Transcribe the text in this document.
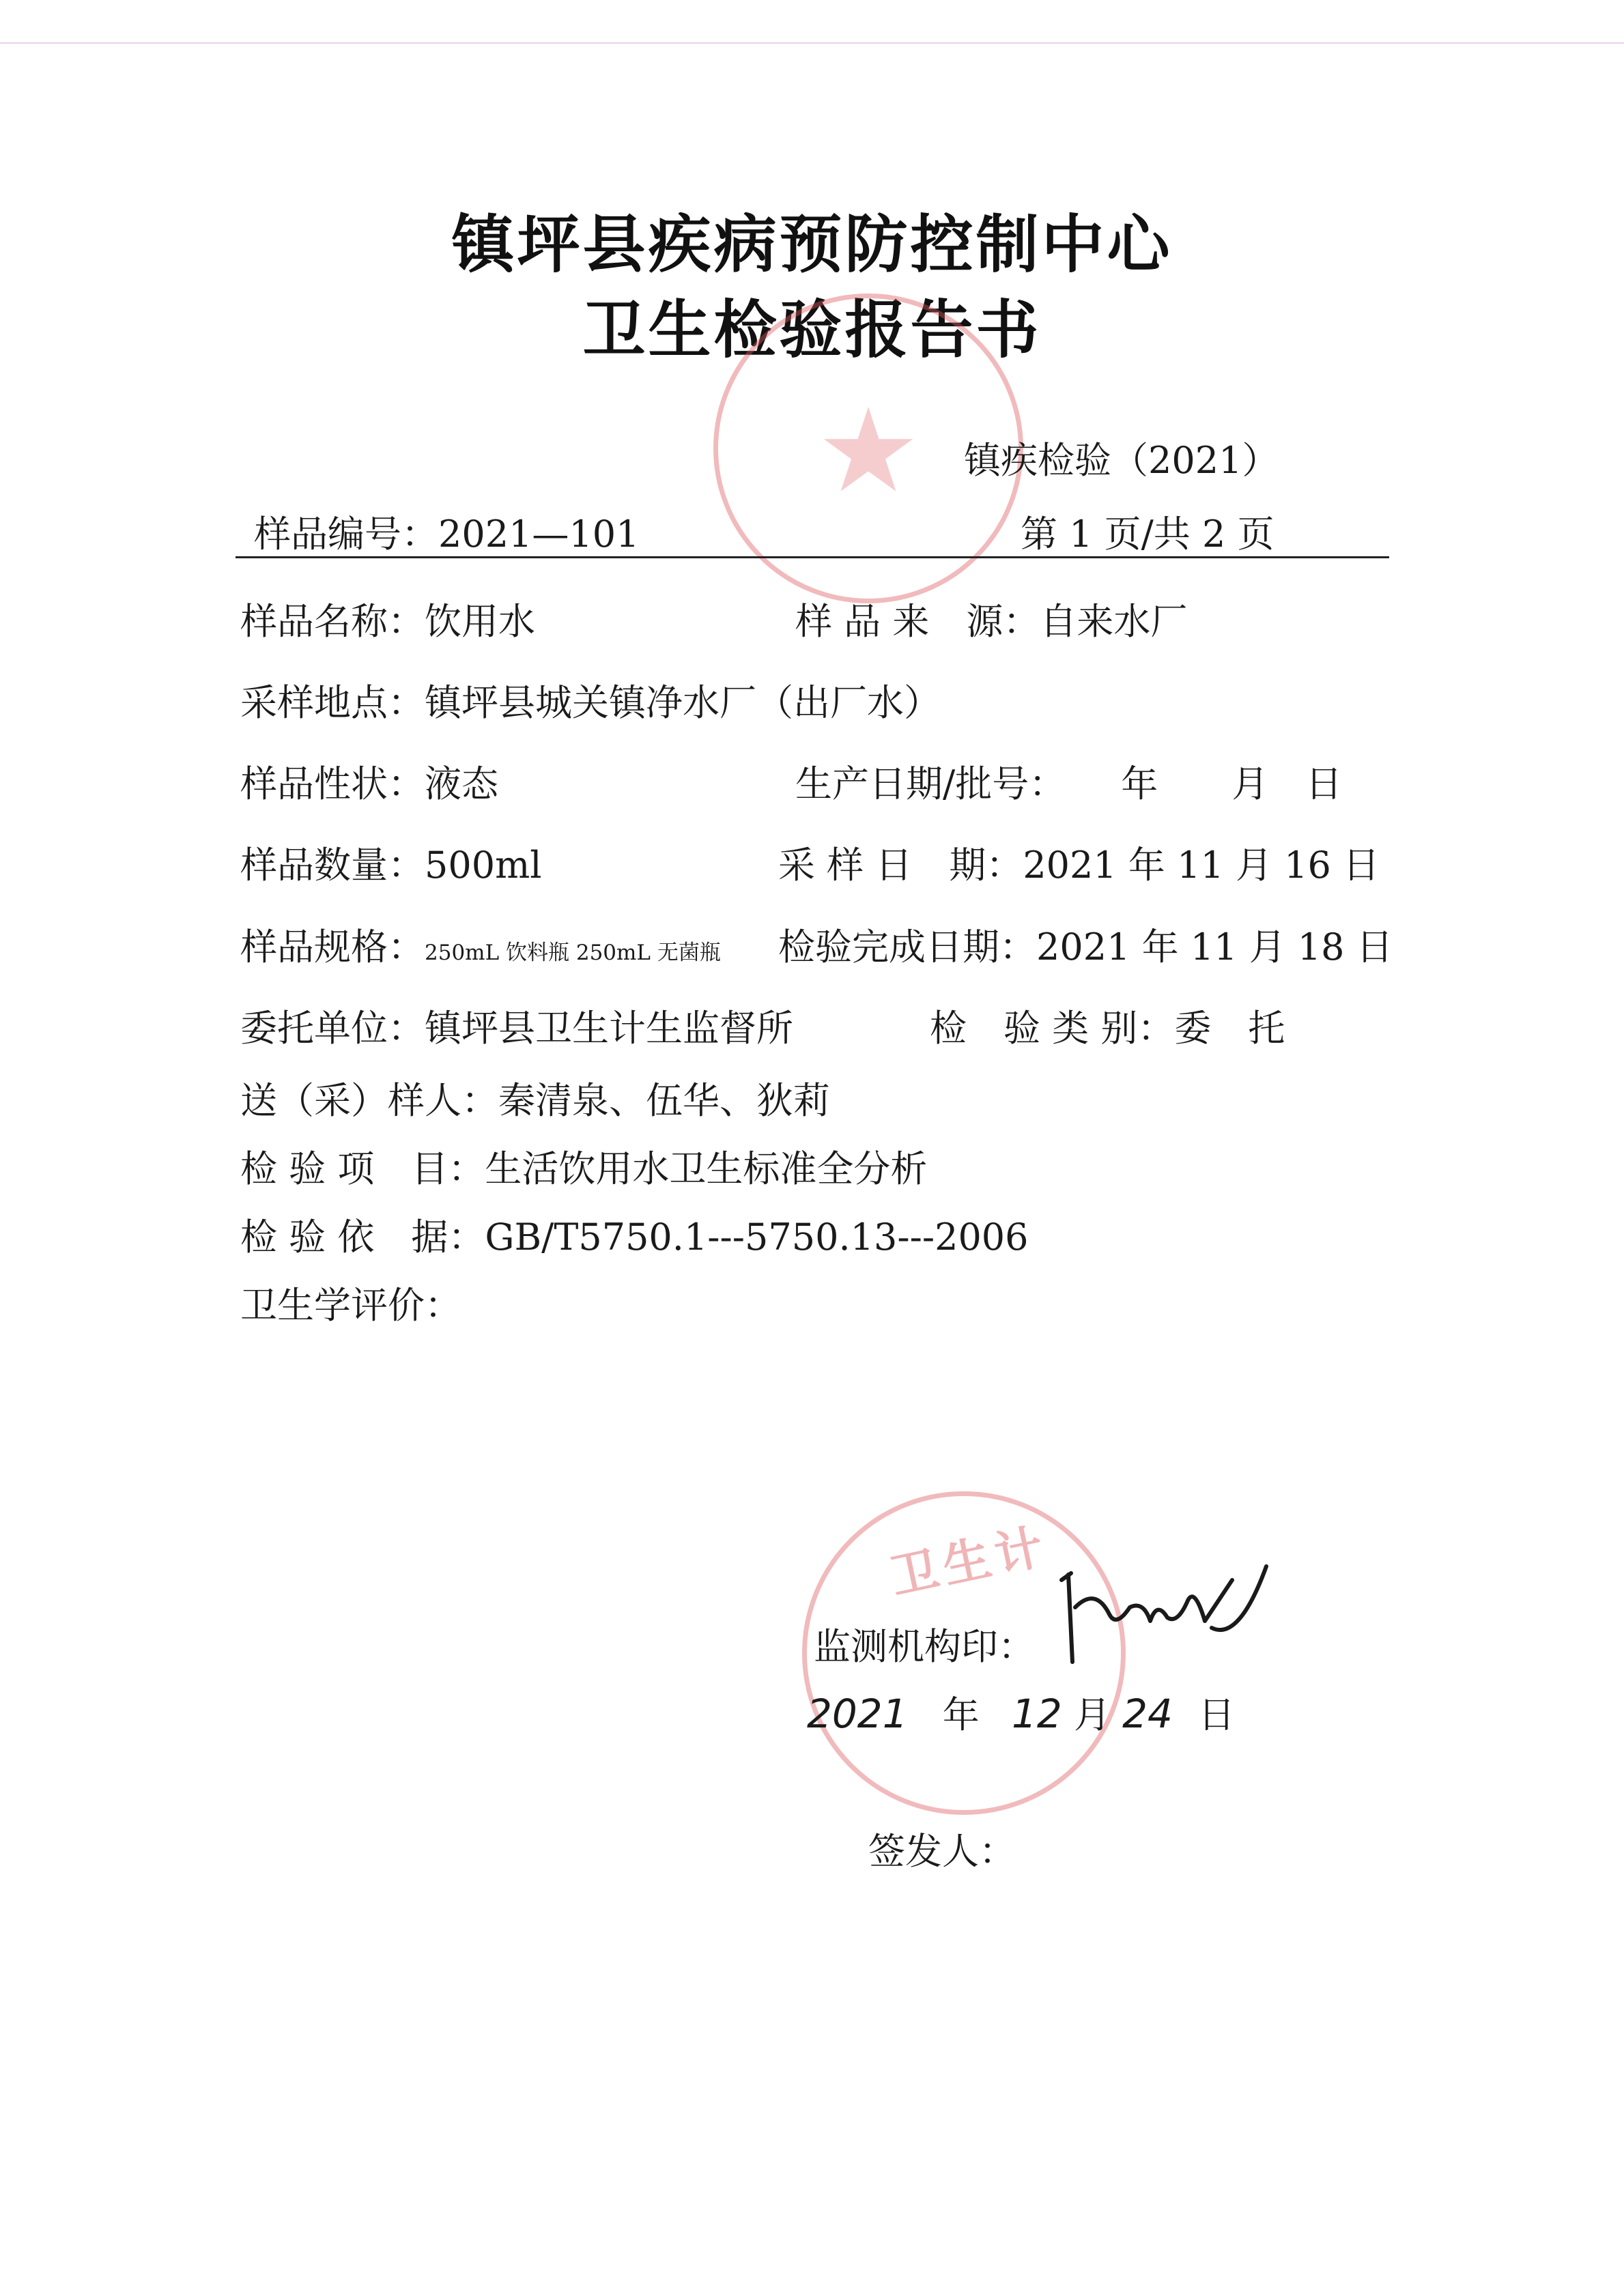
镇坪县疾病预防控制中心
卫生检验报告书
★	镇疾检验（2021）
样品编号：2021—101	第 1 页/共 2 页
样品名称：饮用水	样 品 来　源：自来水厂
采样地点：镇坪县城关镇净水厂（出厂水）
样品性状：液态	生产日期/批号：　　年　　月　日
样品数量：500ml	采 样 日　期：2021 年 11 月 16 日
样品规格：250mL 饮料瓶 250mL 无菌瓶 检验完成日期：2021 年 11 月 18 日
委托单位：镇坪县卫生计生监督所	检　验 类 别：委　托
送（采）样人：秦清泉、伍华、狄莉
检 验 项　目：生活饮用水卫生标准全分析
检 验 依　据：GB/T5750.1---5750.13---2006
卫生学评价：
卫生计
监测机构印：
2021 年 12 月 24 日
签发人：
